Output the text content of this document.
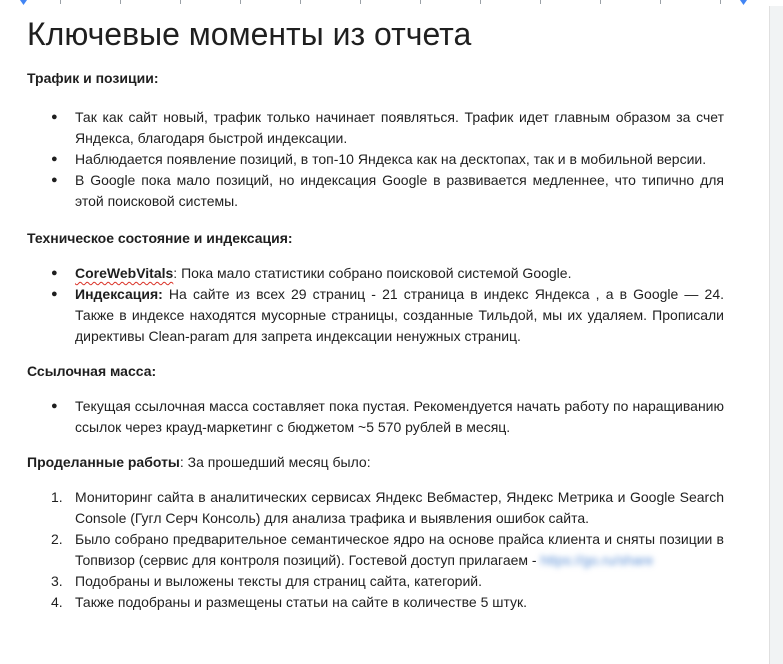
Ключевые моменты из отчета

Трафик и позиции:

● Так как сайт новый, трафик только начинает появляться. Трафик идет главным образом за счет Яндекса, благодаря быстрой индексации.
● Наблюдается появление позиций, в топ-10 Яндекса как на десктопах, так и в мобильной версии.
● В Google пока мало позиций, но индексация Google в развивается медленнее, что типично для этой поисковой системы.

Техническое состояние и индексация:

● CoreWebVitals: Пока мало статистики собрано поисковой системой Google.
● Индексация: На сайте из всех 29 страниц - 21 страница в индекс Яндекса , а в Google — 24. Также в индексе находятся мусорные страницы, созданные Тильдой, мы их удаляем. Прописали директивы Clean-param для запрета индексации ненужных страниц.

Ссылочная масса:

● Текущая ссылочная масса составляет пока пустая. Рекомендуется начать работу по наращиванию ссылок через крауд-маркетинг с бюджетом ~5 570 рублей в месяц.

Проделанные работы: За прошедший месяц было:

1. Мониторинг сайта в аналитических сервисах Яндекс Вебмастер, Яндекс Метрика и Google Search Console (Гугл Серч Консоль) для анализа трафика и выявления ошибок сайта.
2. Было собрано предварительное семантическое ядро на основе прайса клиента и сняты позиции в Топвизор (сервис для контроля позиций). Гостевой доступ прилагаем - https://go.ru/share
3. Подобраны и выложены тексты для страниц сайта, категорий.
4. Также подобраны и размещены статьи на сайте в количестве 5 штук.
